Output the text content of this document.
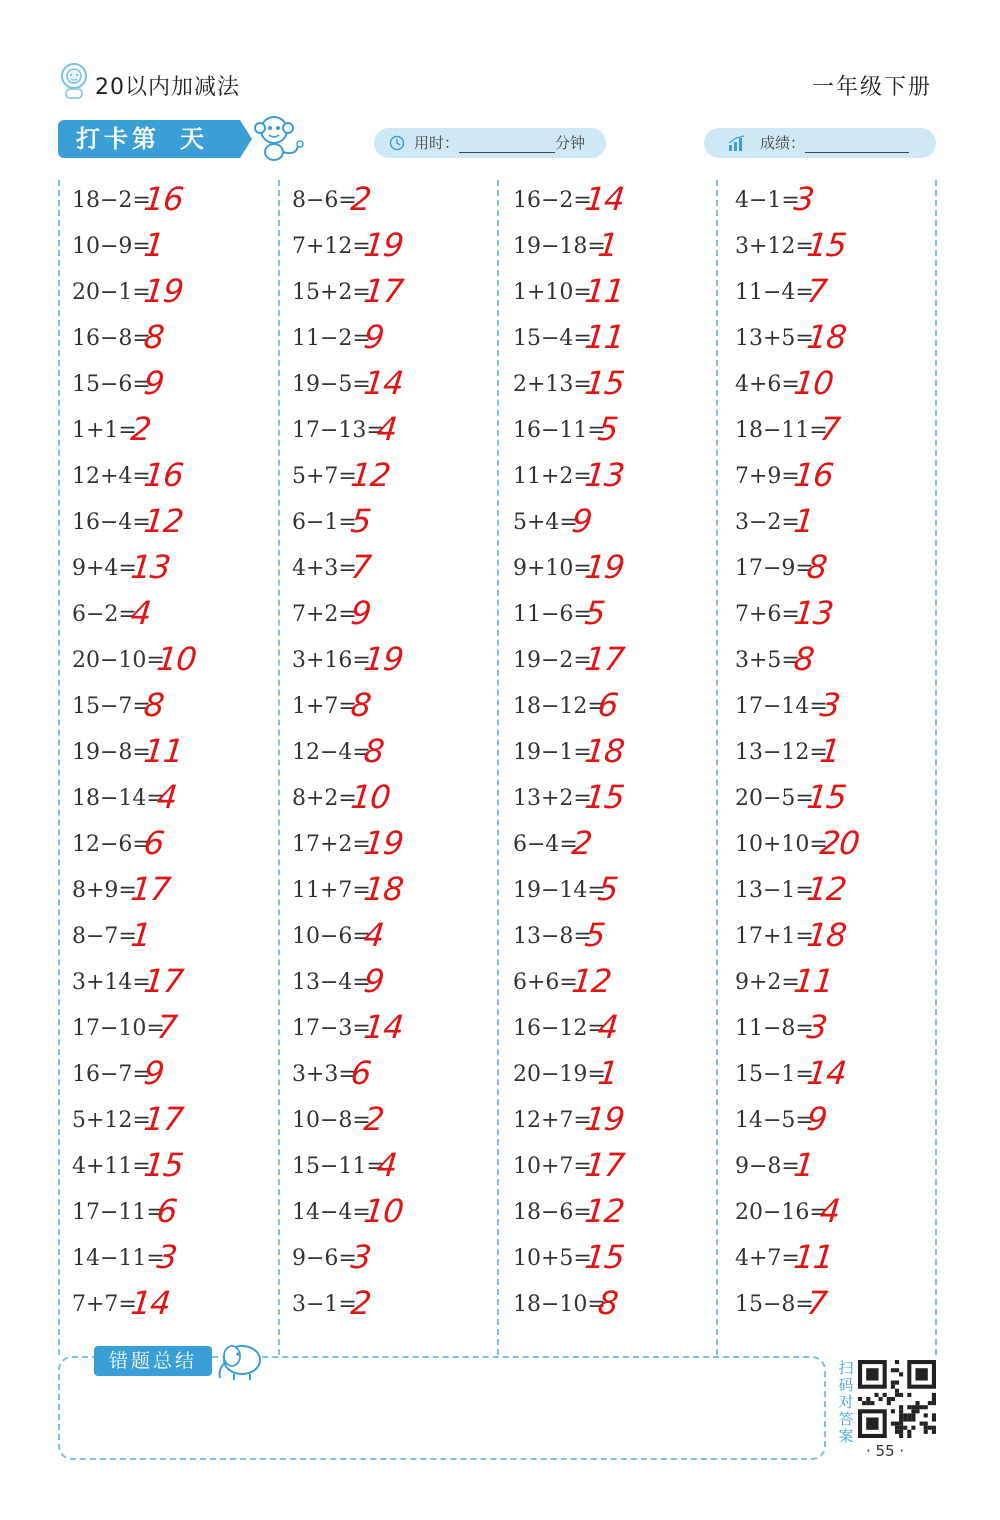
20以内加减法	一年级下册
打卡第 天	用时：	分钟	成绩：
18−2=
16
10−9=
1
20−1=
19
16−8=
8
15−6=
9
1+1=
2
12+4=
16
16−4=
12
9+4=
13
6−2=
4
20−10=
10
15−7=
8
19−8=
11
18−14=
4
12−6=
6
8+9=
17
8−7=
1
3+14=
17
17−10=
7
16−7=
9
5+12=
17
4+11=
15
17−11=
6
14−11=
3
7+7=
14
8−6=
2
7+12=
19
15+2=
17
11−2=
9
19−5=
14
17−13=
4
5+7=
12
6−1=
5
4+3=
7
7+2=
9
3+16=
19
1+7=
8
12−4=
8
8+2=
10
17+2=
19
11+7=
18
10−6=
4
13−4=
9
17−3=
14
3+3=
6
10−8=
2
15−11=
4
14−4=
10
9−6=
3
3−1=
2
16−2=
14
19−18=
1
1+10=
11
15−4=
11
2+13=
15
16−11=
5
11+2=
13
5+4=
9
9+10=
19
11−6=
5
19−2=
17
18−12=
6
19−1=
18
13+2=
15
6−4=
2
19−14=
5
13−8=
5
6+6=
12
16−12=
4
20−19=
1
12+7=
19
10+7=
17
18−6=
12
10+5=
15
18−10=
8
4−1=
3
3+12=
15
11−4=
7
13+5=
18
4+6=
10
18−11=
7
7+9=
16
3−2=
1
17−9=
8
7+6=
13
3+5=
8
17−14=
3
13−12=
1
20−5=
15
10+10=
20
13−1=
12
17+1=
18
9+2=
11
11−8=
3
15−1=
14
14−5=
9
9−8=
1
20−16=
4
4+7=
11
15−8=
7
错题总结	扫码对答案
· 55 ·
